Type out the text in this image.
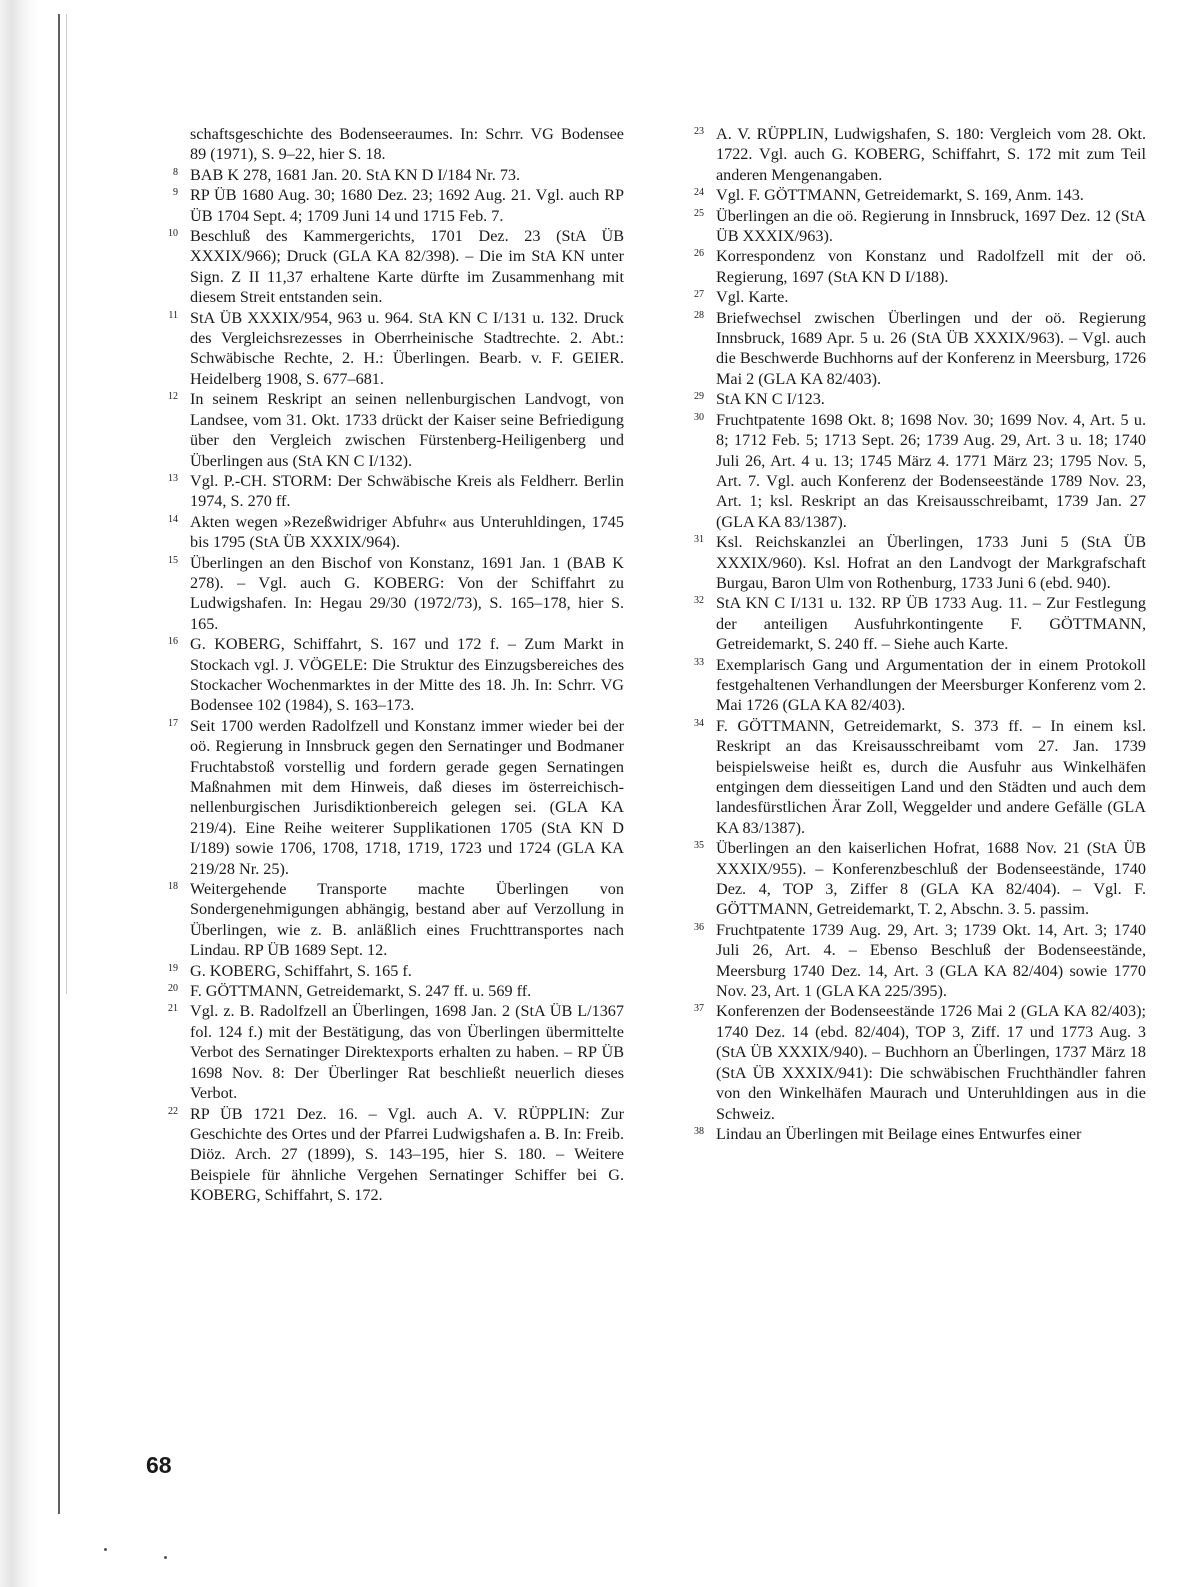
schaftsgeschichte des Bodenseeraumes. In: Schrr. VG Bodensee 89 (1971), S. 9–22, hier S. 18.

8 BAB K 278, 1681 Jan. 20. StA KN D I/184 Nr. 73.

9 RP ÜB 1680 Aug. 30; 1680 Dez. 23; 1692 Aug. 21. Vgl. auch RP ÜB 1704 Sept. 4; 1709 Juni 14 und 1715 Feb. 7.

10 Beschluß des Kammergerichts, 1701 Dez. 23 (StA ÜB XXXIX/966); Druck (GLA KA 82/398). – Die im StA KN unter Sign. Z II 11,37 erhaltene Karte dürfte im Zusammenhang mit diesem Streit entstanden sein.

11 StA ÜB XXXIX/954, 963 u. 964. StA KN C I/131 u. 132. Druck des Vergleichsrezesses in Oberrheinische Stadtrechte. 2. Abt.: Schwäbische Rechte, 2. H.: Überlingen. Bearb. v. F. GEIER. Heidelberg 1908, S. 677–681.

12 In seinem Reskript an seinen nellenburgischen Landvogt, von Landsee, vom 31. Okt. 1733 drückt der Kaiser seine Befriedigung über den Vergleich zwischen Fürstenberg-Heiligenberg und Überlingen aus (StA KN C I/132).

13 Vgl. P.-CH. STORM: Der Schwäbische Kreis als Feldherr. Berlin 1974, S. 270 ff.

14 Akten wegen »Rezeßwidriger Abfuhr« aus Unteruhldingen, 1745 bis 1795 (StA ÜB XXXIX/964).

15 Überlingen an den Bischof von Konstanz, 1691 Jan. 1 (BAB K 278). – Vgl. auch G. KOBERG: Von der Schiffahrt zu Ludwigshafen. In: Hegau 29/30 (1972/73), S. 165–178, hier S. 165.

16 G. KOBERG, Schiffahrt, S. 167 und 172 f. – Zum Markt in Stockach vgl. J. VÖGELE: Die Struktur des Einzugsbereiches des Stockacher Wochenmarktes in der Mitte des 18. Jh. In: Schrr. VG Bodensee 102 (1984), S. 163–173.

17 Seit 1700 werden Radolfzell und Konstanz immer wieder bei der oö. Regierung in Innsbruck gegen den Sernatinger und Bodmaner Fruchtabstoß vorstellig und fordern gerade gegen Sernatingen Maßnahmen mit dem Hinweis, daß dieses im österreichisch-nellenburgischen Jurisdiktionbereich gelegen sei. (GLA KA 219/4). Eine Reihe weiterer Supplikationen 1705 (StA KN D I/189) sowie 1706, 1708, 1718, 1719, 1723 und 1724 (GLA KA 219/28 Nr. 25).

18 Weitergehende Transporte machte Überlingen von Sondergenehmigungen abhängig, bestand aber auf Verzollung in Überlingen, wie z. B. anläßlich eines Fruchttransportes nach Lindau. RP ÜB 1689 Sept. 12.

19 G. KOBERG, Schiffahrt, S. 165 f.

20 F. GÖTTMANN, Getreidemarkt, S. 247 ff. u. 569 ff.

21 Vgl. z. B. Radolfzell an Überlingen, 1698 Jan. 2 (StA ÜB L/1367 fol. 124 f.) mit der Bestätigung, das von Überlingen übermittelte Verbot des Sernatinger Direktexports erhalten zu haben. – RP ÜB 1698 Nov. 8: Der Überlinger Rat beschließt neuerlich dieses Verbot.

22 RP ÜB 1721 Dez. 16. – Vgl. auch A. V. RÜPPLIN: Zur Geschichte des Ortes und der Pfarrei Ludwigshafen a. B. In: Freib. Diöz. Arch. 27 (1899), S. 143–195, hier S. 180. – Weitere Beispiele für ähnliche Vergehen Sernatinger Schiffer bei G. KOBERG, Schiffahrt, S. 172.

23 A. V. RÜPPLIN, Ludwigshafen, S. 180: Vergleich vom 28. Okt. 1722. Vgl. auch G. KOBERG, Schiffahrt, S. 172 mit zum Teil anderen Mengenangaben.

24 Vgl. F. GÖTTMANN, Getreidemarkt, S. 169, Anm. 143.

25 Überlingen an die oö. Regierung in Innsbruck, 1697 Dez. 12 (StA ÜB XXXIX/963).

26 Korrespondenz von Konstanz und Radolfzell mit der oö. Regierung, 1697 (StA KN D I/188).

27 Vgl. Karte.

28 Briefwechsel zwischen Überlingen und der oö. Regierung Innsbruck, 1689 Apr. 5 u. 26 (StA ÜB XXXIX/963). – Vgl. auch die Beschwerde Buchhorns auf der Konferenz in Meersburg, 1726 Mai 2 (GLA KA 82/403).

29 StA KN C I/123.

30 Fruchtpatente 1698 Okt. 8; 1698 Nov. 30; 1699 Nov. 4, Art. 5 u. 8; 1712 Feb. 5; 1713 Sept. 26; 1739 Aug. 29, Art. 3 u. 18; 1740 Juli 26, Art. 4 u. 13; 1745 März 4. 1771 März 23; 1795 Nov. 5, Art. 7. Vgl. auch Konferenz der Bodenseestände 1789 Nov. 23, Art. 1; ksl. Reskript an das Kreisausschreibamt, 1739 Jan. 27 (GLA KA 83/1387).

31 Ksl. Reichskanzlei an Überlingen, 1733 Juni 5 (StA ÜB XXXIX/960). Ksl. Hofrat an den Landvogt der Markgrafschaft Burgau, Baron Ulm von Rothenburg, 1733 Juni 6 (ebd. 940).

32 StA KN C I/131 u. 132. RP ÜB 1733 Aug. 11. – Zur Festlegung der anteiligen Ausfuhrkontingente F. GÖTTMANN, Getreidemarkt, S. 240 ff. – Siehe auch Karte.

33 Exemplarisch Gang und Argumentation der in einem Protokoll festgehaltenen Verhandlungen der Meersburger Konferenz vom 2. Mai 1726 (GLA KA 82/403).

34 F. GÖTTMANN, Getreidemarkt, S. 373 ff. – In einem ksl. Reskript an das Kreisausschreibamt vom 27. Jan. 1739 beispielsweise heißt es, durch die Ausfuhr aus Winkelhäfen entgingen dem diesseitigen Land und den Städten und auch dem landesfürstlichen Ärar Zoll, Weggelder und andere Gefälle (GLA KA 83/1387).

35 Überlingen an den kaiserlichen Hofrat, 1688 Nov. 21 (StA ÜB XXXIX/955). – Konferenzbeschluß der Bodenseestände, 1740 Dez. 4, TOP 3, Ziffer 8 (GLA KA 82/404). – Vgl. F. GÖTTMANN, Getreidemarkt, T. 2, Abschn. 3. 5. passim.

36 Fruchtpatente 1739 Aug. 29, Art. 3; 1739 Okt. 14, Art. 3; 1740 Juli 26, Art. 4. – Ebenso Beschluß der Bodenseestände, Meersburg 1740 Dez. 14, Art. 3 (GLA KA 82/404) sowie 1770 Nov. 23, Art. 1 (GLA KA 225/395).

37 Konferenzen der Bodenseestände 1726 Mai 2 (GLA KA 82/403); 1740 Dez. 14 (ebd. 82/404), TOP 3, Ziff. 17 und 1773 Aug. 3 (StA ÜB XXXIX/940). – Buchhorn an Überlingen, 1737 März 18 (StA ÜB XXXIX/941): Die schwäbischen Fruchthändler fahren von den Winkelhäfen Maurach und Unteruhldingen aus in die Schweiz.

38 Lindau an Überlingen mit Beilage eines Entwurfes einer

68
